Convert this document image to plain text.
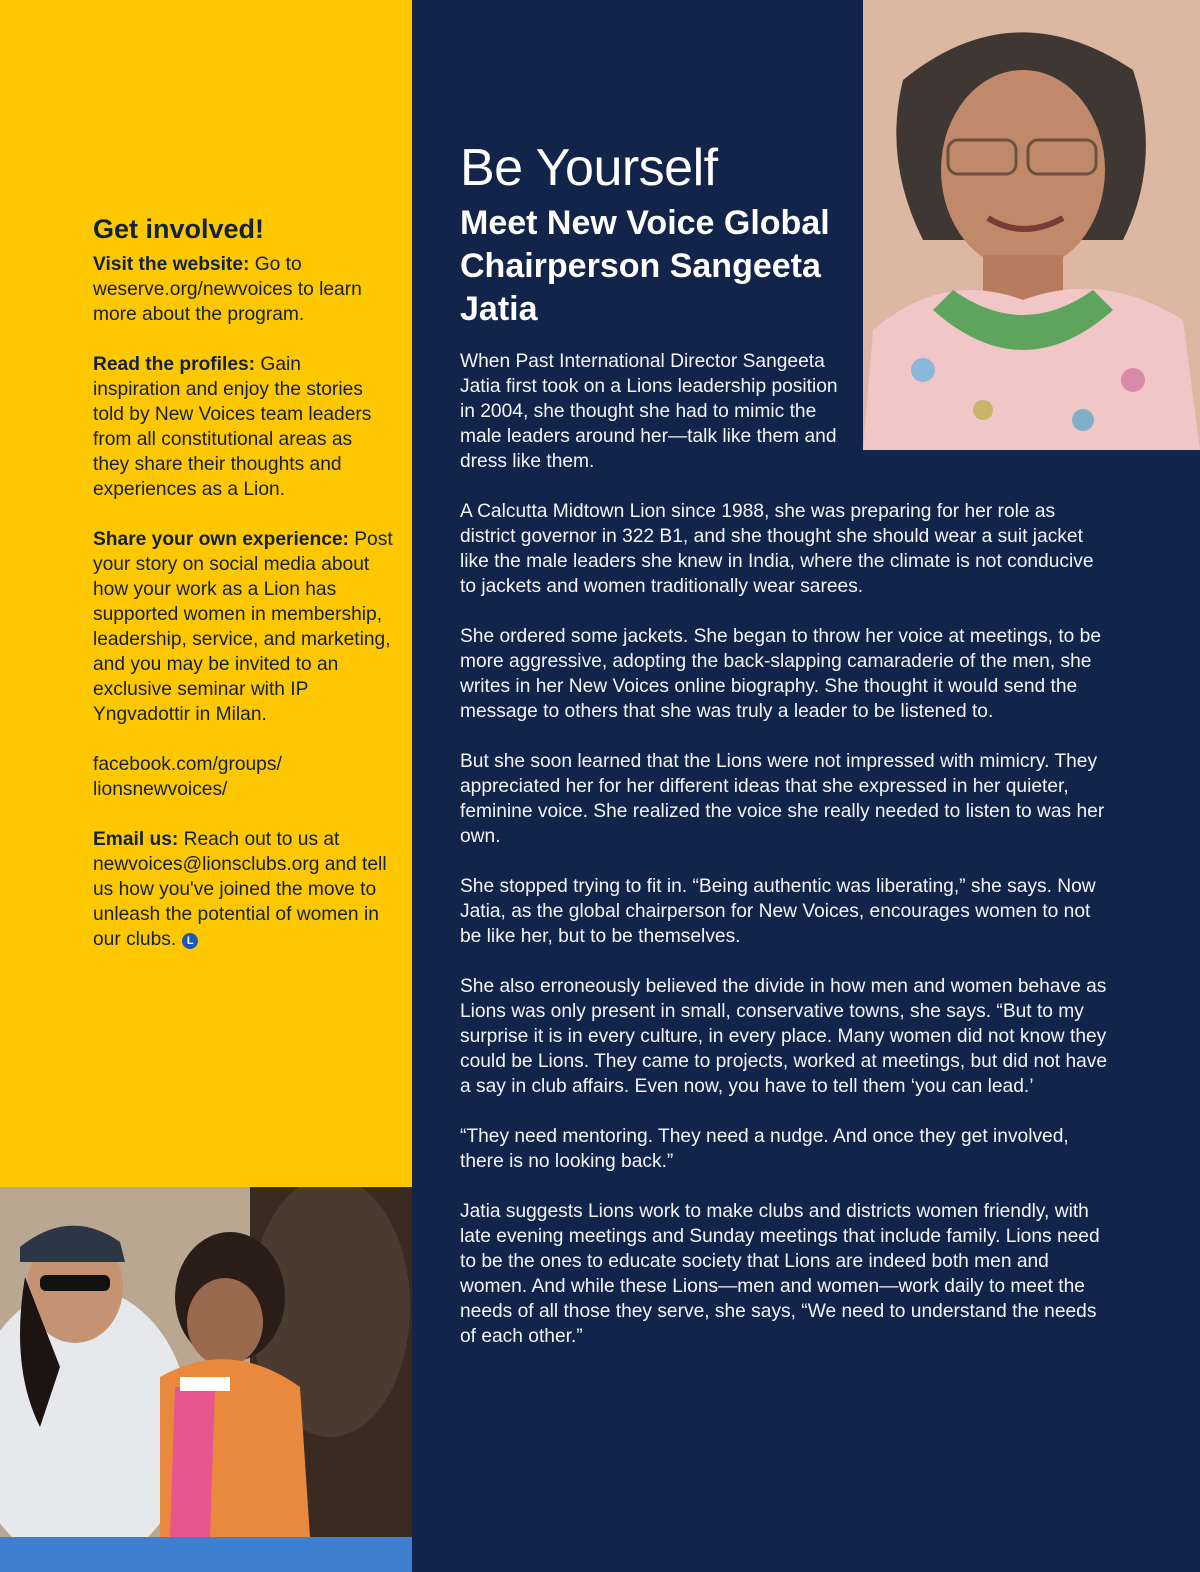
Get involved!

Visit the website: Go to weserve.org/newvoices to learn more about the program.

Read the profiles: Gain inspiration and enjoy the stories told by New Voices team leaders from all constitutional areas as they share their thoughts and experiences as a Lion.

Share your own experience: Post your story on social media about how your work as a Lion has supported women in membership, leadership, service, and marketing, and you may be invited to an exclusive seminar with IP Yngvadottir in Milan.

facebook.com/groups/ lionsnewvoices/

Email us: Reach out to us at newvoices@lionsclubs.org and tell us how you've joined the move to unleash the potential of women in our clubs. L

Be Yourself
Meet New Voice Global Chairperson Sangeeta Jatia

When Past International Director Sangeeta Jatia first took on a Lions leadership position in 2004, she thought she had to mimic the male leaders around her—talk like them and dress like them.

A Calcutta Midtown Lion since 1988, she was preparing for her role as district governor in 322 B1, and she thought she should wear a suit jacket like the male leaders she knew in India, where the climate is not conducive to jackets and women traditionally wear sarees.

She ordered some jackets. She began to throw her voice at meetings, to be more aggressive, adopting the back-slapping camaraderie of the men, she writes in her New Voices online biography. She thought it would send the message to others that she was truly a leader to be listened to.

But she soon learned that the Lions were not impressed with mimicry. They appreciated her for her different ideas that she expressed in her quieter, feminine voice. She realized the voice she really needed to listen to was her own.

She stopped trying to fit in. “Being authentic was liberating,” she says. Now Jatia, as the global chairperson for New Voices, encourages women to not be like her, but to be themselves.

She also erroneously believed the divide in how men and women behave as Lions was only present in small, conservative towns, she says. “But to my surprise it is in every culture, in every place. Many women did not know they could be Lions. They came to projects, worked at meetings, but did not have a say in club affairs. Even now, you have to tell them ‘you can lead.’

“They need mentoring. They need a nudge. And once they get involved, there is no looking back.”

Jatia suggests Lions work to make clubs and districts women friendly, with late evening meetings and Sunday meetings that include family. Lions need to be the ones to educate society that Lions are indeed both men and women. And while these Lions—men and women—work daily to meet the needs of all those they serve, she says, “We need to understand the needs of each other.”
